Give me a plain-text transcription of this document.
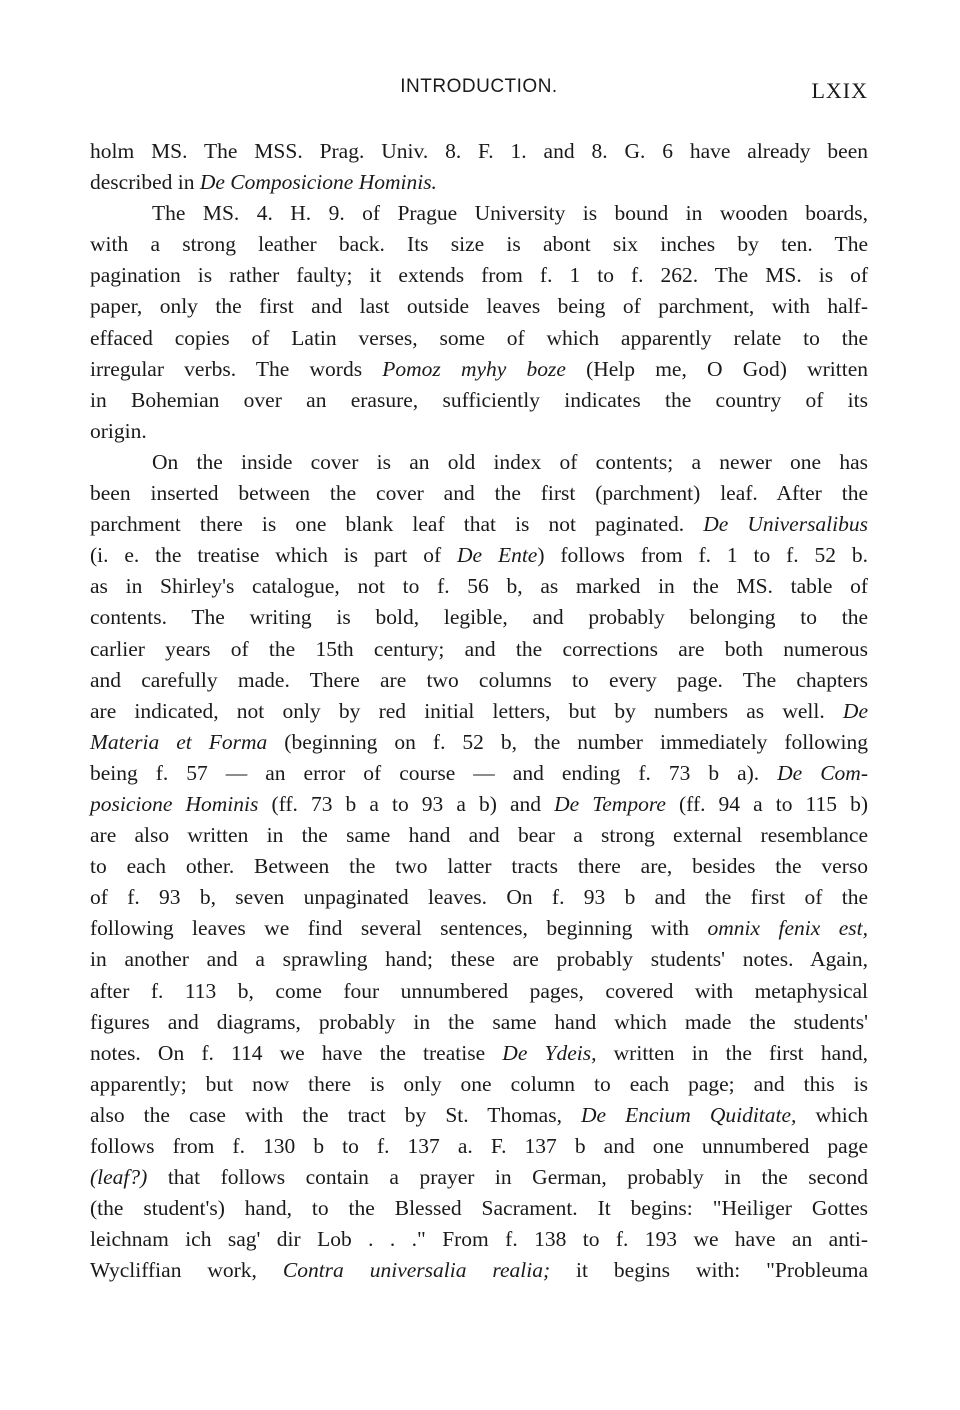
INTRODUCTION.	LXIX
holm MS. The MSS. Prag. Univ. 8. F. 1. and 8. G. 6 have already been
described in De Composicione Hominis.
The MS. 4. H. 9. of Prague University is bound in wooden boards,
with a strong leather back. Its size is abont six inches by ten. The
pagination is rather faulty; it extends from f. 1 to f. 262. The MS. is of
paper, only the first and last outside leaves being of parchment, with half-
effaced copies of Latin verses, some of which apparently relate to the
irregular verbs. The words Pomoz myhy boze (Help me, O God) written
in Bohemian over an erasure, sufficiently indicates the country of its
origin.
On the inside cover is an old index of contents; a newer one has
been inserted between the cover and the first (parchment) leaf. After the
parchment there is one blank leaf that is not paginated. De Universalibus
(i. e. the treatise which is part of De Ente) follows from f. 1 to f. 52 b.
as in Shirley's catalogue, not to f. 56 b, as marked in the MS. table of
contents. The writing is bold, legible, and probably belonging to the
carlier years of the 15th century; and the corrections are both numerous
and carefully made. There are two columns to every page. The chapters
are indicated, not only by red initial letters, but by numbers as well. De
Materia et Forma (beginning on f. 52 b, the number immediately following
being f. 57 — an error of course — and ending f. 73 b a). De Com-
posicione Hominis (ff. 73 b a to 93 a b) and De Tempore (ff. 94 a to 115 b)
are also written in the same hand and bear a strong external resemblance
to each other. Between the two latter tracts there are, besides the verso
of f. 93 b, seven unpaginated leaves. On f. 93 b and the first of the
following leaves we find several sentences, beginning with omnix fenix est,
in another and a sprawling hand; these are probably students' notes. Again,
after f. 113 b, come four unnumbered pages, covered with metaphysical
figures and diagrams, probably in the same hand which made the students'
notes. On f. 114 we have the treatise De Ydeis, written in the first hand,
apparently; but now there is only one column to each page; and this is
also the case with the tract by St. Thomas, De Encium Quiditate, which
follows from f. 130 b to f. 137 a. F. 137 b and one unnumbered page
(leaf?) that follows contain a prayer in German, probably in the second
(the student's) hand, to the Blessed Sacrament. It begins: "Heiliger Gottes
leichnam ich sag' dir Lob . . ." From f. 138 to f. 193 we have an anti-
Wycliffian work, Contra universalia realia; it begins with: "Probleuma
